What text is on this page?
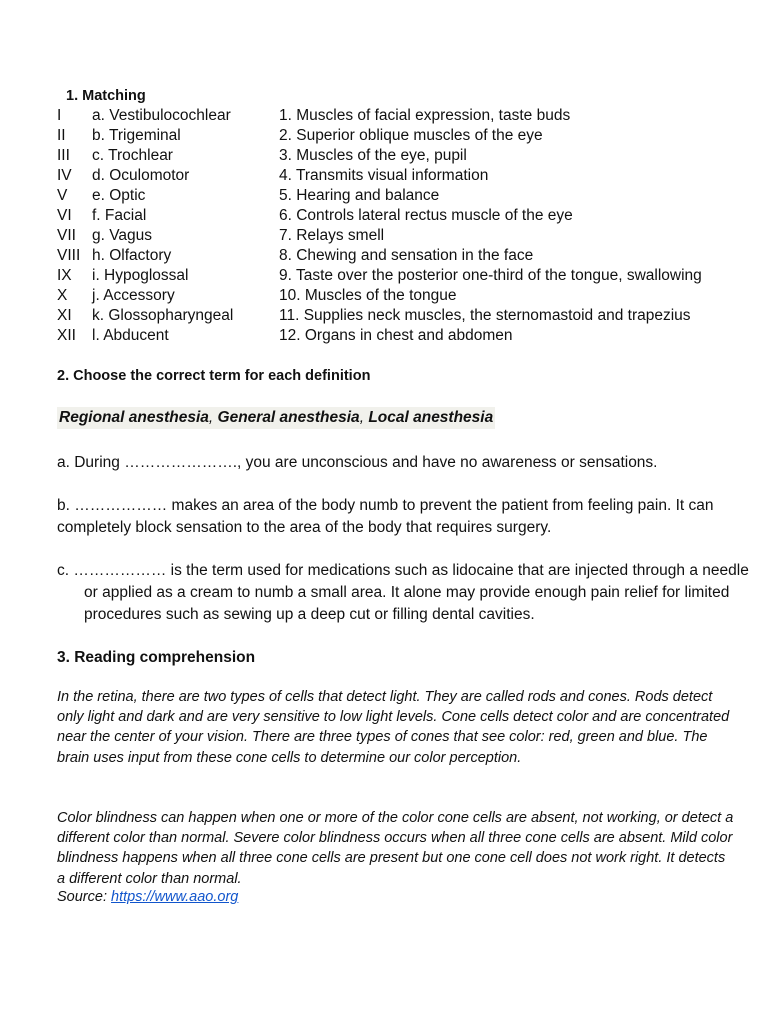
1. Matching
I a. Vestibulocochlear	1. Muscles of facial expression, taste buds
II b. Trigeminal	2. Superior oblique muscles of the eye
III c. Trochlear	3. Muscles of the eye, pupil
IV d. Oculomotor	4. Transmits visual information
V e. Optic	5. Hearing and balance
VI f. Facial	6. Controls lateral rectus muscle of the eye
VII g. Vagus	7. Relays smell
VIII h. Olfactory	8. Chewing and sensation in the face
IX i. Hypoglossal	9. Taste over the posterior one-third of the tongue, swallowing
X j. Accessory	10. Muscles of the tongue
XI k. Glossopharyngeal	11. Supplies neck muscles, the sternomastoid and trapezius
XII l. Abducent	12. Organs in chest and abdomen
2. Choose the correct term for each definition
Regional anesthesia, General anesthesia, Local anesthesia
a. During …………………., you are unconscious and have no awareness or sensations.
b. ……………… makes an area of the body numb to prevent the patient from feeling pain. It can completely block sensation to the area of the body that requires surgery.
c. ……………… is the term used for medications such as lidocaine that are injected through a needle or applied as a cream to numb a small area. It alone may provide enough pain relief for limited procedures such as sewing up a deep cut or filling dental cavities.
3. Reading comprehension
In the retina, there are two types of cells that detect light. They are called rods and cones. Rods detect only light and dark and are very sensitive to low light levels. Cone cells detect color and are concentrated near the center of your vision. There are three types of cones that see color: red, green and blue. The brain uses input from these cone cells to determine our color perception.
Color blindness can happen when one or more of the color cone cells are absent, not working, or detect a different color than normal. Severe color blindness occurs when all three cone cells are absent. Mild color blindness happens when all three cone cells are present but one cone cell does not work right. It detects a different color than normal.
Source: https://www.aao.org
